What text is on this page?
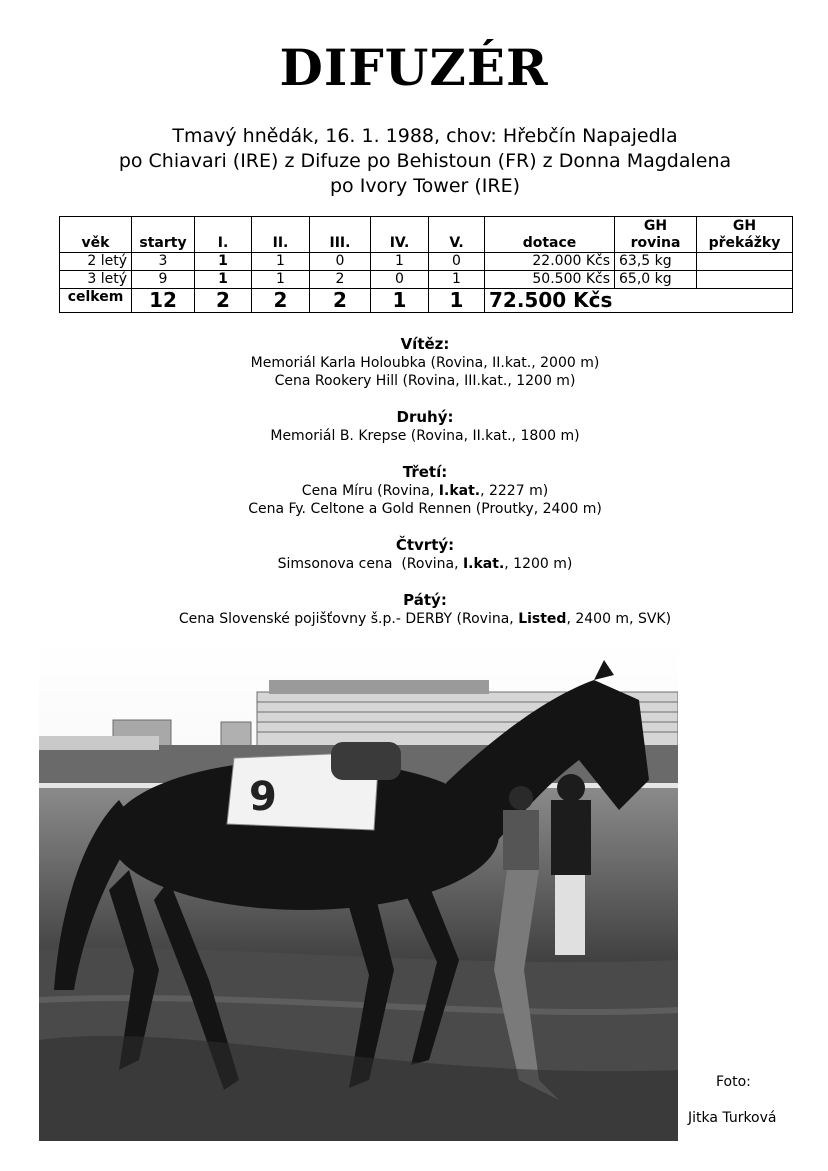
DIFUZÉR
Tmavý hnědák, 16. 1. 1988, chov: Hřebčín Napajedla
po Chiavari (IRE) z Difuze po Behistoun (FR) z Donna Magdalena
po Ivory Tower (IRE)
věk	starty	I.	II.	III.	IV.	V.	dotace	GH rovina	GH překážky
2 letý	3	1	1	0	1	0	22.000 Kčs	63,5 kg	
3 letý	9	1	1	2	0	1	50.500 Kčs	65,0 kg	
celkem	12	2	2	2	1	1	72.500 Kčs		
Vítěz:
Memoriál Karla Holoubka (Rovina, II.kat., 2000 m)
Cena Rookery Hill (Rovina, III.kat., 1200 m)
Druhý:
Memoriál B. Krepse (Rovina, II.kat., 1800 m)
Třetí:
Cena Míru (Rovina, I.kat., 2227 m)
Cena Fy. Celtone a Gold Rennen (Proutky, 2400 m)
Čtvrtý:
Simsonova cena  (Rovina, I.kat., 1200 m)
Pátý:
Cena Slovenské pojišťovny š.p.- DERBY (Rovina, Listed, 2400 m, SVK)
9
Foto:
Jitka Turková
